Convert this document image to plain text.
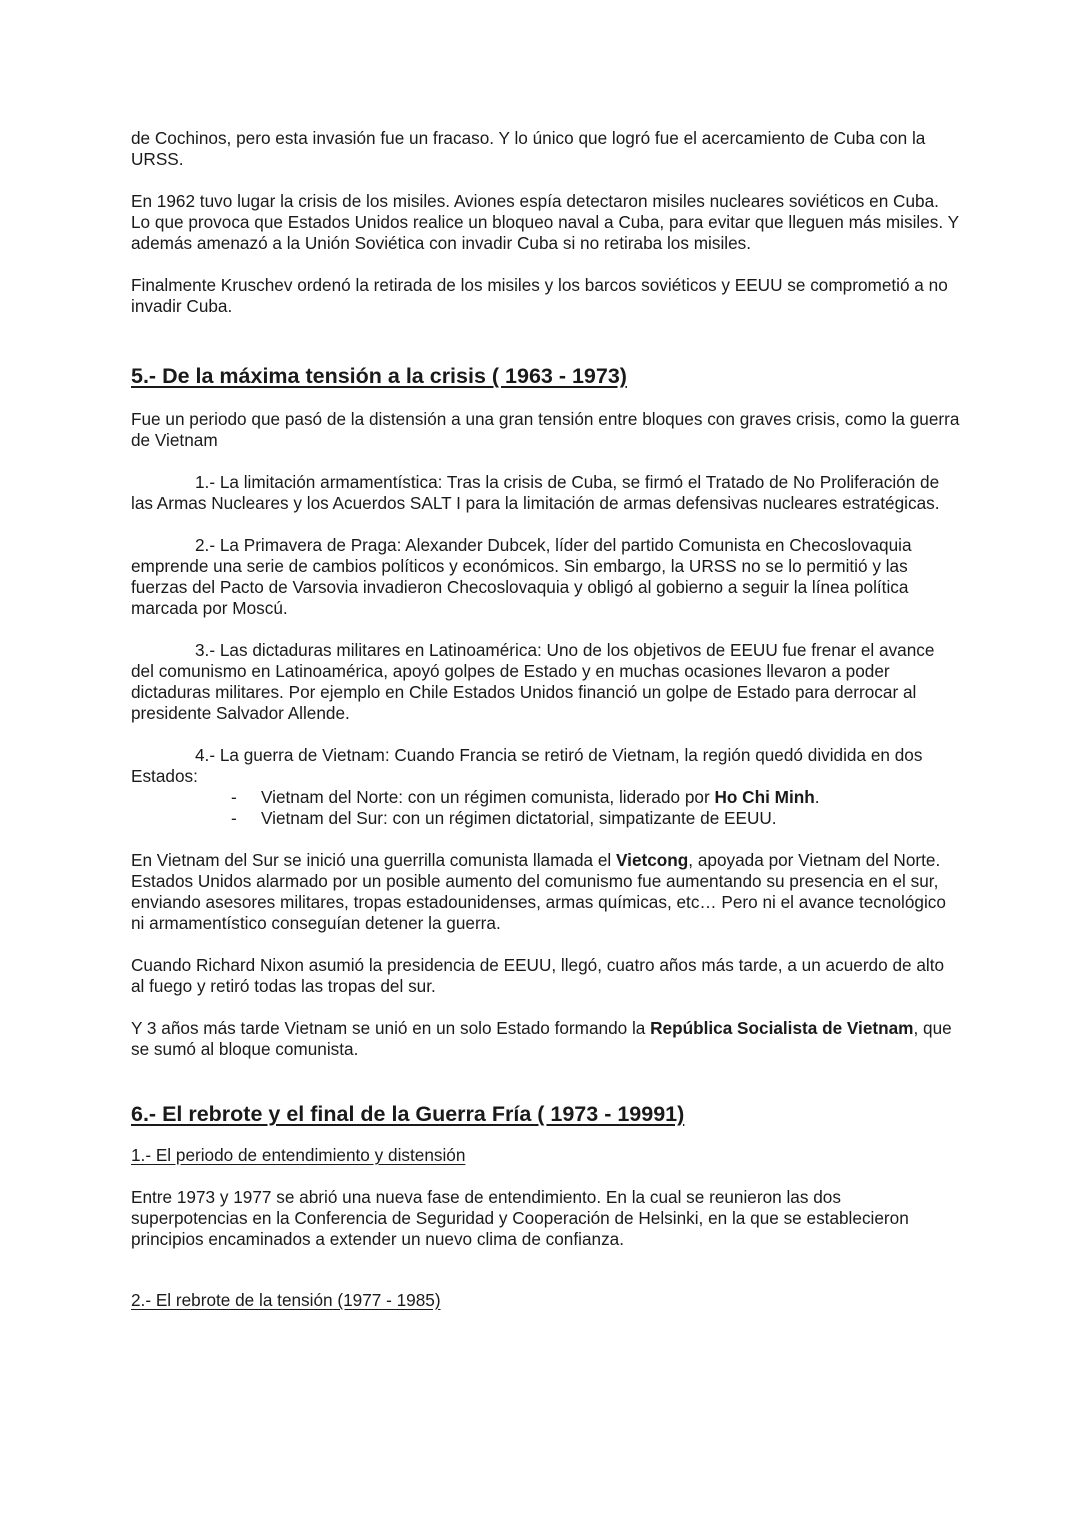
de Cochinos, pero esta invasión fue un fracaso. Y lo único que logró fue el acercamiento de Cuba con la URSS.

En 1962 tuvo lugar la crisis de los misiles. Aviones espía detectaron misiles nucleares soviéticos en Cuba. Lo que provoca que Estados Unidos realice un bloqueo naval a Cuba, para evitar que lleguen más misiles. Y además amenazó a la Unión Soviética con invadir Cuba si no retiraba los misiles.

Finalmente Kruschev ordenó la retirada de los misiles y los barcos soviéticos y EEUU se comprometió a no invadir Cuba.

5.- De la máxima tensión a la crisis ( 1963 - 1973)

Fue un periodo que pasó de la distensión a una gran tensión entre bloques con graves crisis, como la guerra de Vietnam

1.- La limitación armamentística: Tras la crisis de Cuba, se firmó el Tratado de No Proliferación de las Armas Nucleares y los Acuerdos SALT I para la limitación de armas defensivas nucleares estratégicas.

2.- La Primavera de Praga: Alexander Dubcek, líder del partido Comunista en Checoslovaquia emprende una serie de cambios políticos y económicos. Sin embargo, la URSS no se lo permitió y las fuerzas del Pacto de Varsovia invadieron Checoslovaquia y obligó al gobierno a seguir la línea política marcada por Moscú.

3.- Las dictaduras militares en Latinoamérica: Uno de los objetivos de EEUU fue frenar el avance del comunismo en Latinoamérica, apoyó golpes de Estado y en muchas ocasiones llevaron a poder dictaduras militares. Por ejemplo en Chile Estados Unidos financió un golpe de Estado para derrocar al presidente Salvador Allende.

4.- La guerra de Vietnam: Cuando Francia se retiró de Vietnam, la región quedó dividida en dos Estados:

- Vietnam del Norte: con un régimen comunista, liderado por Ho Chi Minh.
- Vietnam del Sur: con un régimen dictatorial, simpatizante de EEUU.

En Vietnam del Sur se inició una guerrilla comunista llamada el Vietcong, apoyada por Vietnam del Norte. Estados Unidos alarmado por un posible aumento del comunismo fue aumentando su presencia en el sur, enviando asesores militares, tropas estadounidenses, armas químicas, etc… Pero ni el avance tecnológico ni armamentístico conseguían detener la guerra.

Cuando Richard Nixon asumió la presidencia de EEUU, llegó, cuatro años más tarde, a un acuerdo de alto al fuego y retiró todas las tropas del sur.

Y 3 años más tarde Vietnam se unió en un solo Estado formando la República Socialista de Vietnam, que se sumó al bloque comunista.

6.- El rebrote y el final de la Guerra Fría ( 1973 - 19991)

1.- El periodo de entendimiento y distensión

Entre 1973 y 1977 se abrió una nueva fase de entendimiento. En la cual se reunieron las dos superpotencias en la Conferencia de Seguridad y Cooperación de Helsinki, en la que se establecieron principios encaminados a extender un nuevo clima de confianza.

2.- El rebrote de la tensión (1977 - 1985)
